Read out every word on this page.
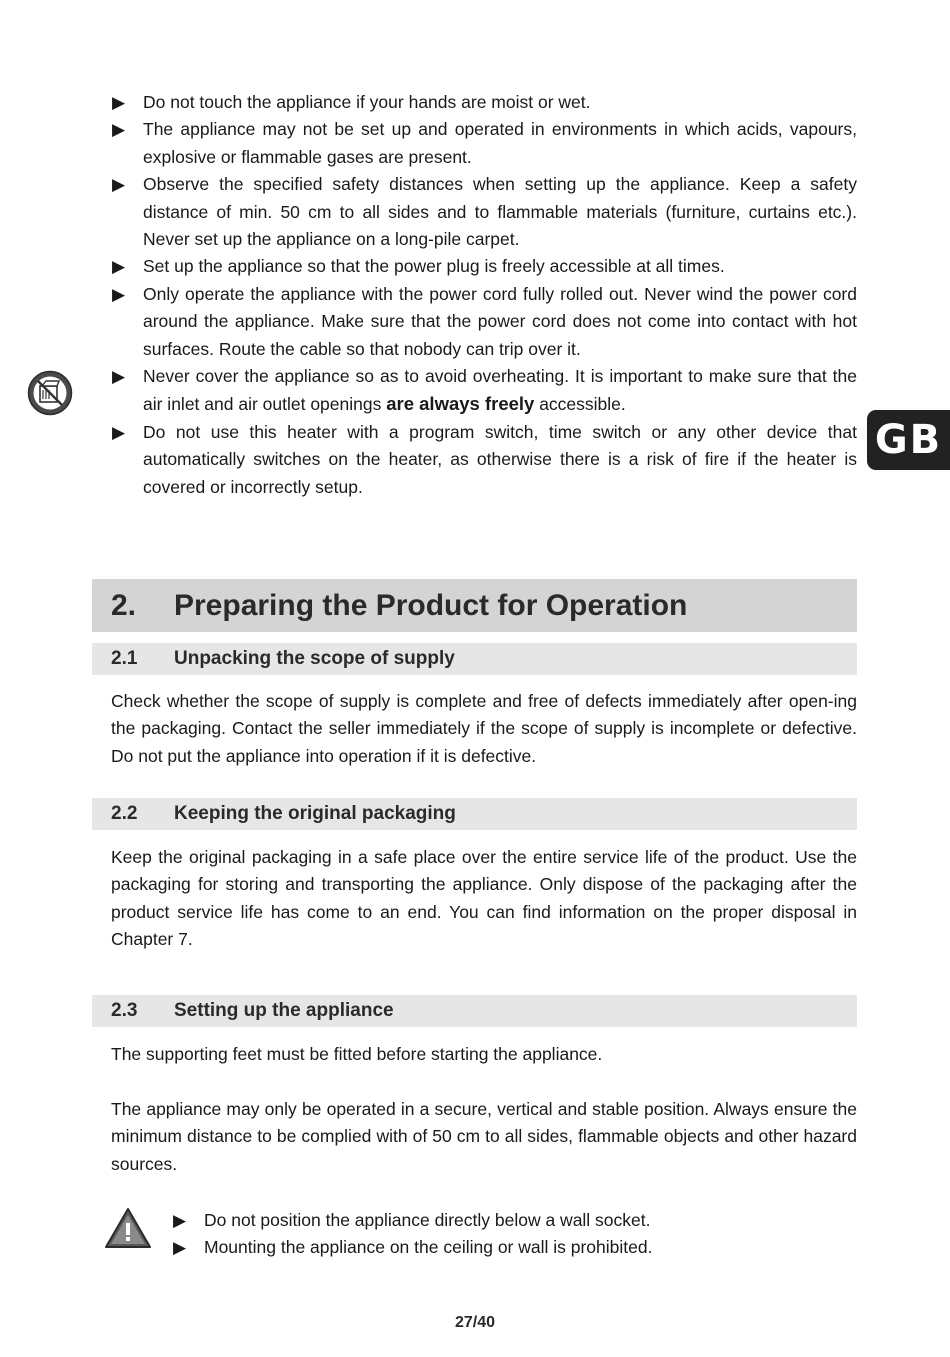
▶ Do not touch the appliance if your hands are moist or wet.
▶ The appliance may not be set up and operated in environments in which acids, vapours, explosive or flammable gases are present.
▶ Observe the specified safety distances when setting up the appliance. Keep a safety distance of min. 50 cm to all sides and to flammable materials (furniture, curtains etc.). Never set up the appliance on a long-pile carpet.
▶ Set up the appliance so that the power plug is freely accessible at all times.
▶ Only operate the appliance with the power cord fully rolled out. Never wind the power cord around the appliance. Make sure that the power cord does not come into contact with hot surfaces. Route the cable so that nobody can trip over it.
▶ Never cover the appliance so as to avoid overheating. It is important to make sure that the air inlet and air outlet openings are always freely accessible.
▶ Do not use this heater with a program switch, time switch or any other device that automatically switches on the heater, as otherwise there is a risk of fire if the heater is covered or incorrectly setup.
GB
2. Preparing the Product for Operation
2.1 Unpacking the scope of supply

Check whether the scope of supply is complete and free of defects immediately after open-ing the packaging. Contact the seller immediately if the scope of supply is incomplete or defective. Do not put the appliance into operation if it is defective.

2.2 Keeping the original packaging

Keep the original packaging in a safe place over the entire service life of the product. Use the packaging for storing and transporting the appliance. Only dispose of the packaging after the product service life has come to an end. You can find information on the proper disposal in Chapter 7.

2.3 Setting up the appliance

The supporting feet must be fitted before starting the appliance.

The appliance may only be operated in a secure, vertical and stable position. Always ensure the minimum distance to be complied with of 50 cm to all sides, flammable objects and other hazard sources.

▶ Do not position the appliance directly below a wall socket.
▶ Mounting the appliance on the ceiling or wall is prohibited.
27/40
